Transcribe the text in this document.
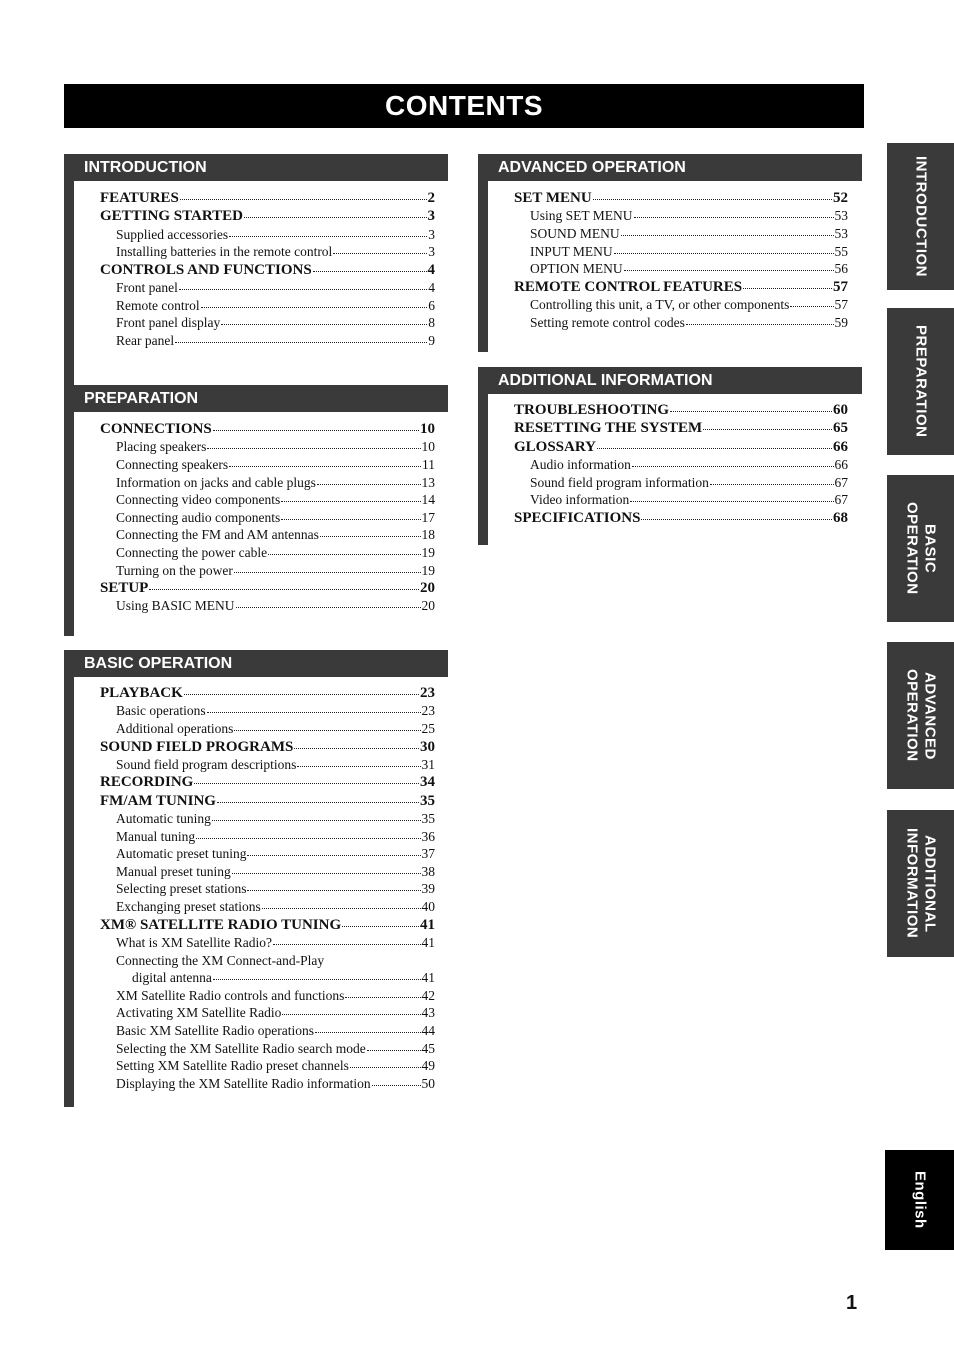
CONTENTS
INTRODUCTION
FEATURES	2
GETTING STARTED	3
Supplied accessories	3
Installing batteries in the remote control	3
CONTROLS AND FUNCTIONS	4
Front panel	4
Remote control	6
Front panel display	8
Rear panel	9
PREPARATION
CONNECTIONS	10
Placing speakers	10
Connecting speakers	11
Information on jacks and cable plugs	13
Connecting video components	14
Connecting audio components	17
Connecting the FM and AM antennas	18
Connecting the power cable	19
Turning on the power	19
SETUP	20
Using BASIC MENU	20
BASIC OPERATION
PLAYBACK	23
Basic operations	23
Additional operations	25
SOUND FIELD PROGRAMS	30
Sound field program descriptions	31
RECORDING	34
FM/AM TUNING	35
Automatic tuning	35
Manual tuning	36
Automatic preset tuning	37
Manual preset tuning	38
Selecting preset stations	39
Exchanging preset stations	40
XM® SATELLITE RADIO TUNING	41
What is XM Satellite Radio?	41
Connecting the XM Connect-and-Play
digital antenna	41
XM Satellite Radio controls and functions	42
Activating XM Satellite Radio	43
Basic XM Satellite Radio operations	44
Selecting the XM Satellite Radio search mode	45
Setting XM Satellite Radio preset channels	49
Displaying the XM Satellite Radio information	50
ADVANCED OPERATION
SET MENU	52
Using SET MENU	53
SOUND MENU	53
INPUT MENU	55
OPTION MENU	56
REMOTE CONTROL FEATURES	57
Controlling this unit, a TV, or other components	57
Setting remote control codes	59
ADDITIONAL INFORMATION
TROUBLESHOOTING	60
RESETTING THE SYSTEM	65
GLOSSARY	66
Audio information	66
Sound field program information	67
Video information	67
SPECIFICATIONS	68
INTRODUCTION
PREPARATION
BASIC
OPERATION
ADVANCED
OPERATION
ADDITIONAL
INFORMATION
English
1
